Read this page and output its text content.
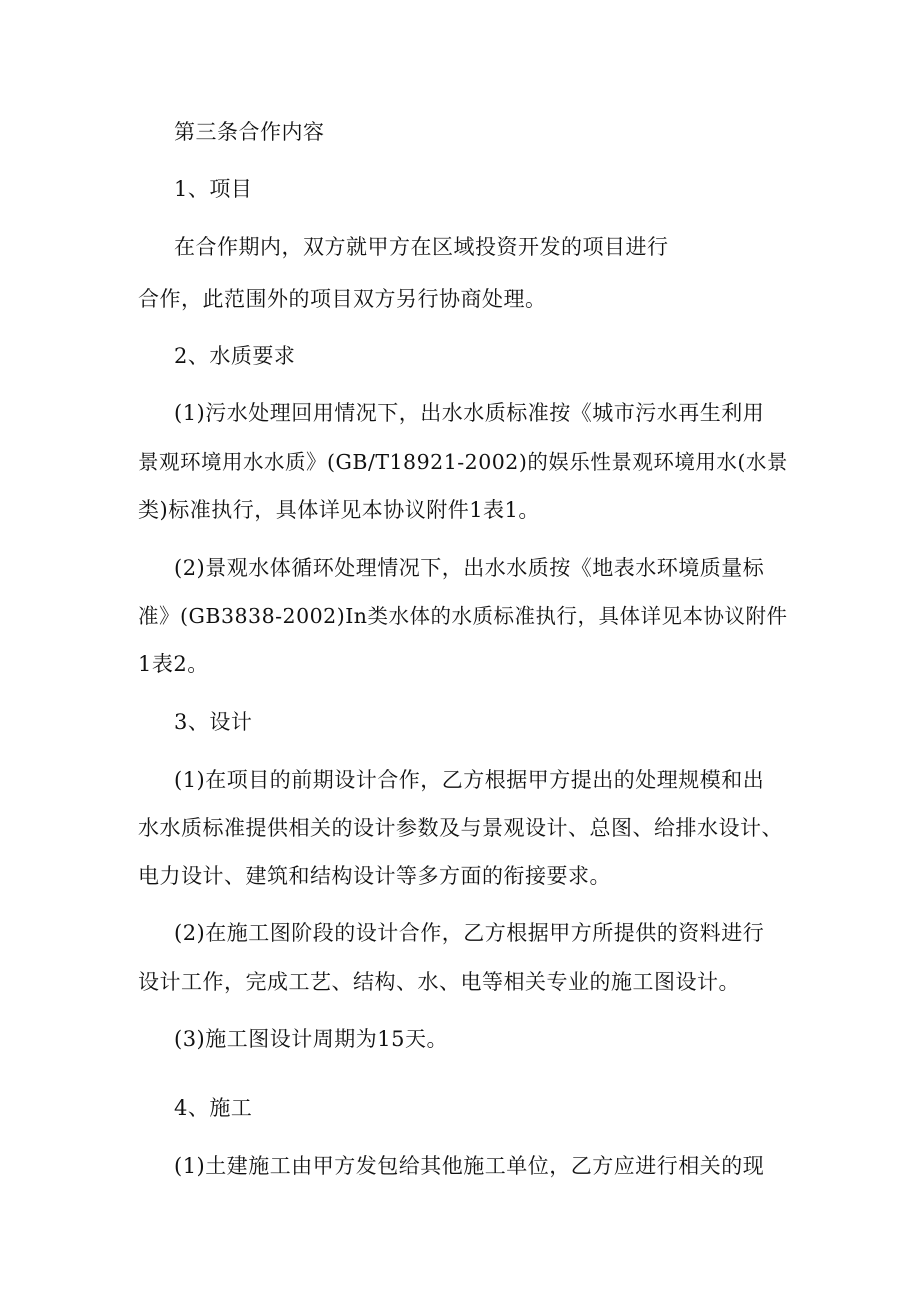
第三条合作内容
1、项目
在合作期内，双方就甲方在区域投资开发的项目进行
合作，此范围外的项目双方另行协商处理。
2、水质要求
(1)污水处理回用情况下，出水水质标准按《城市污水再生利用
景观环境用水水质》(GB/T18921-2002)的娱乐性景观环境用水(水景
类)标准执行，具体详见本协议附件1表1。
(2)景观水体循环处理情况下，出水水质按《地表水环境质量标
准》(GB3838-2002)In类水体的水质标准执行，具体详见本协议附件
1表2。
3、设计
(1)在项目的前期设计合作，乙方根据甲方提出的处理规模和出
水水质标准提供相关的设计参数及与景观设计、总图、给排水设计、
电力设计、建筑和结构设计等多方面的衔接要求。
(2)在施工图阶段的设计合作，乙方根据甲方所提供的资料进行
设计工作，完成工艺、结构、水、电等相关专业的施工图设计。
(3)施工图设计周期为15天。
4、施工
(1)土建施工由甲方发包给其他施工单位，乙方应进行相关的现
